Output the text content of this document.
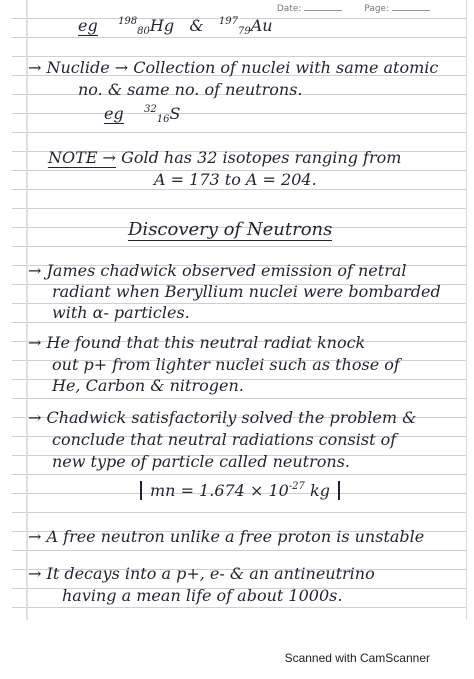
Date:	Page:
eg $^{198}$80Hg & $^{197}$79Au
→ Nuclide → Collection of nuclei with same atomic
no. & same no. of neutrons.
eg $^{32}$16S
NOTE → Gold has 32 isotopes ranging from
A = 173 to A = 204.
Discovery of Neutrons
→ James chadwick observed emission of netral
radiant when Beryllium nuclei were bombarded
with α- particles.
→ He found that this neutral radiat knock
out p+ from lighter nuclei such as those of
He, Carbon & nitrogen.
→ Chadwick satisfactorily solved the problem &
conclude that neutral radiations consist of
new type of particle called neutrons.
mn = $1.674 \times 10^{-27}$ kg
→ A free neutron unlike a free proton is unstable
→ It decays into a p+, e- & an antineutrino
having a mean life of about 1000s.
Scanned with CamScanner
